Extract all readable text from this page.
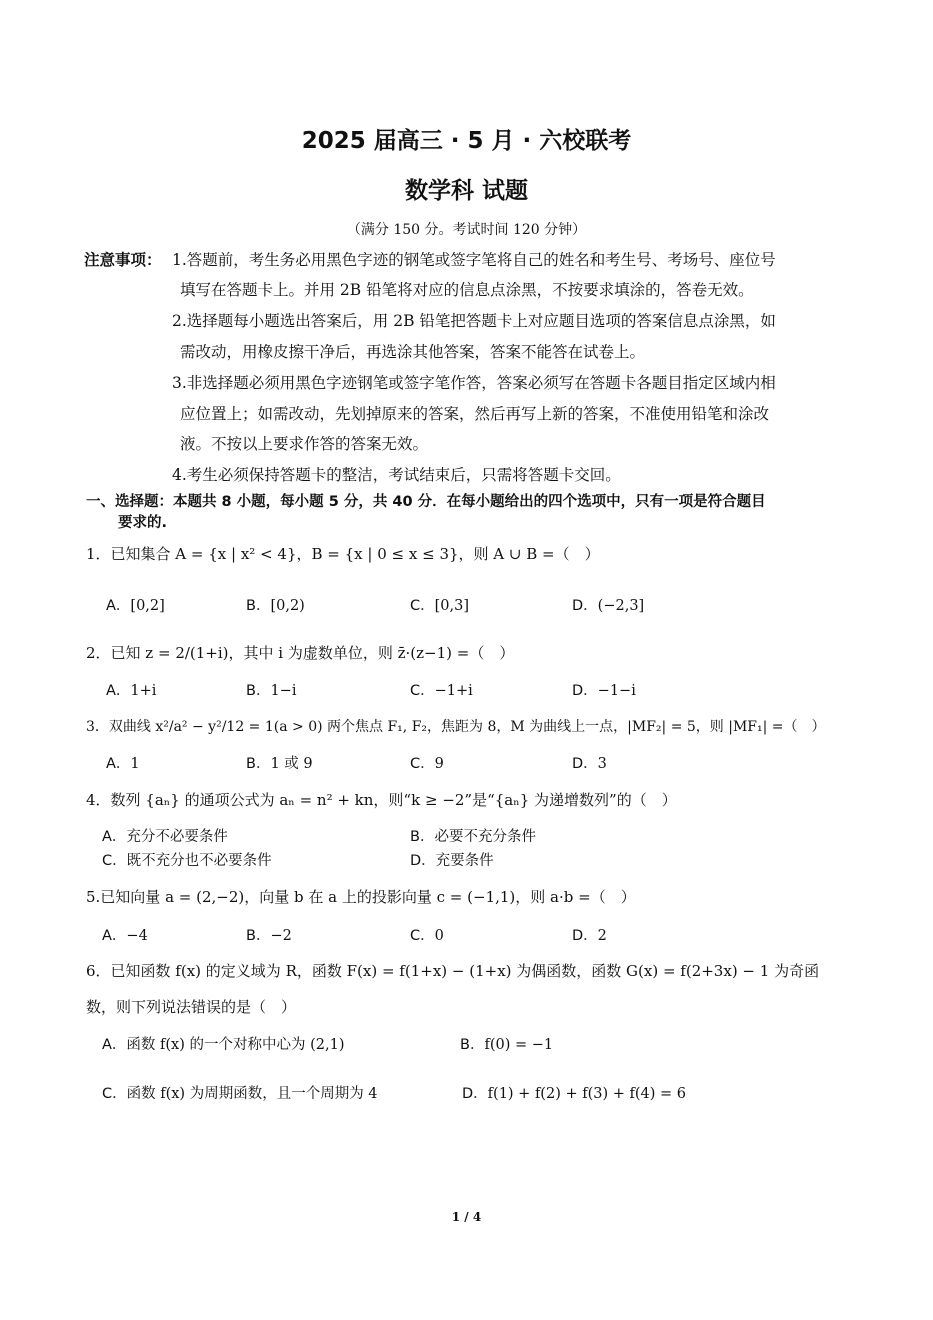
2025 届高三 · 5 月 · 六校联考
数学科 试题
（满分 150 分。考试时间 120 分钟）
注意事项： 1.答题前，考生务必用黑色字迹的钢笔或签字笔将自己的姓名和考生号、考场号、座位号
填写在答题卡上。并用 2B 铅笔将对应的信息点涂黑，不按要求填涂的，答卷无效。
2.选择题每小题选出答案后，用 2B 铅笔把答题卡上对应题目选项的答案信息点涂黑，如
需改动，用橡皮擦干净后，再选涂其他答案，答案不能答在试卷上。
3.非选择题必须用黑色字迹钢笔或签字笔作答，答案必须写在答题卡各题目指定区域内相
应位置上；如需改动，先划掉原来的答案，然后再写上新的答案，不准使用铅笔和涂改
液。不按以上要求作答的答案无效。
4.考生必须保持答题卡的整洁，考试结束后，只需将答题卡交回。
一、选择题：本题共 8 小题，每小题 5 分，共 40 分．在每小题给出的四个选项中，只有一项是符合题目
要求的.
1．已知集合 A = {x | x² < 4}，B = {x | 0 ≤ x ≤ 3}，则 A ∪ B =（　）
A．[0,2]	B．[0,2)	C．[0,3]	D．(−2,3]
2．已知 z = 2/(1+i)，其中 i 为虚数单位，则 z̄·(z−1) =（　）
A．1+i	B．1−i	C．−1+i	D．−1−i
3．双曲线 x²/a² − y²/12 = 1(a > 0) 两个焦点 F₁, F₂，焦距为 8，M 为曲线上一点，|MF₂| = 5，则 |MF₁| =（　）
A．1	B．1 或 9	C．9	D．3
4．数列 {aₙ} 的通项公式为 aₙ = n² + kn，则“k ≥ −2”是“{aₙ} 为递增数列”的（　）
A．充分不必要条件	B．必要不充分条件
C．既不充分也不必要条件	D．充要条件
5.已知向量 a = (2,−2)，向量 b 在 a 上的投影向量 c = (−1,1)，则 a·b =（　）
A．−4	B．−2	C．0	D．2
6．已知函数 f(x) 的定义域为 R，函数 F(x) = f(1+x) − (1+x) 为偶函数，函数 G(x) = f(2+3x) − 1 为奇函
数，则下列说法错误的是（　）
A．函数 f(x) 的一个对称中心为 (2,1)	B．f(0) = −1
C．函数 f(x) 为周期函数，且一个周期为 4	D．f(1) + f(2) + f(3) + f(4) = 6
1 / 4
